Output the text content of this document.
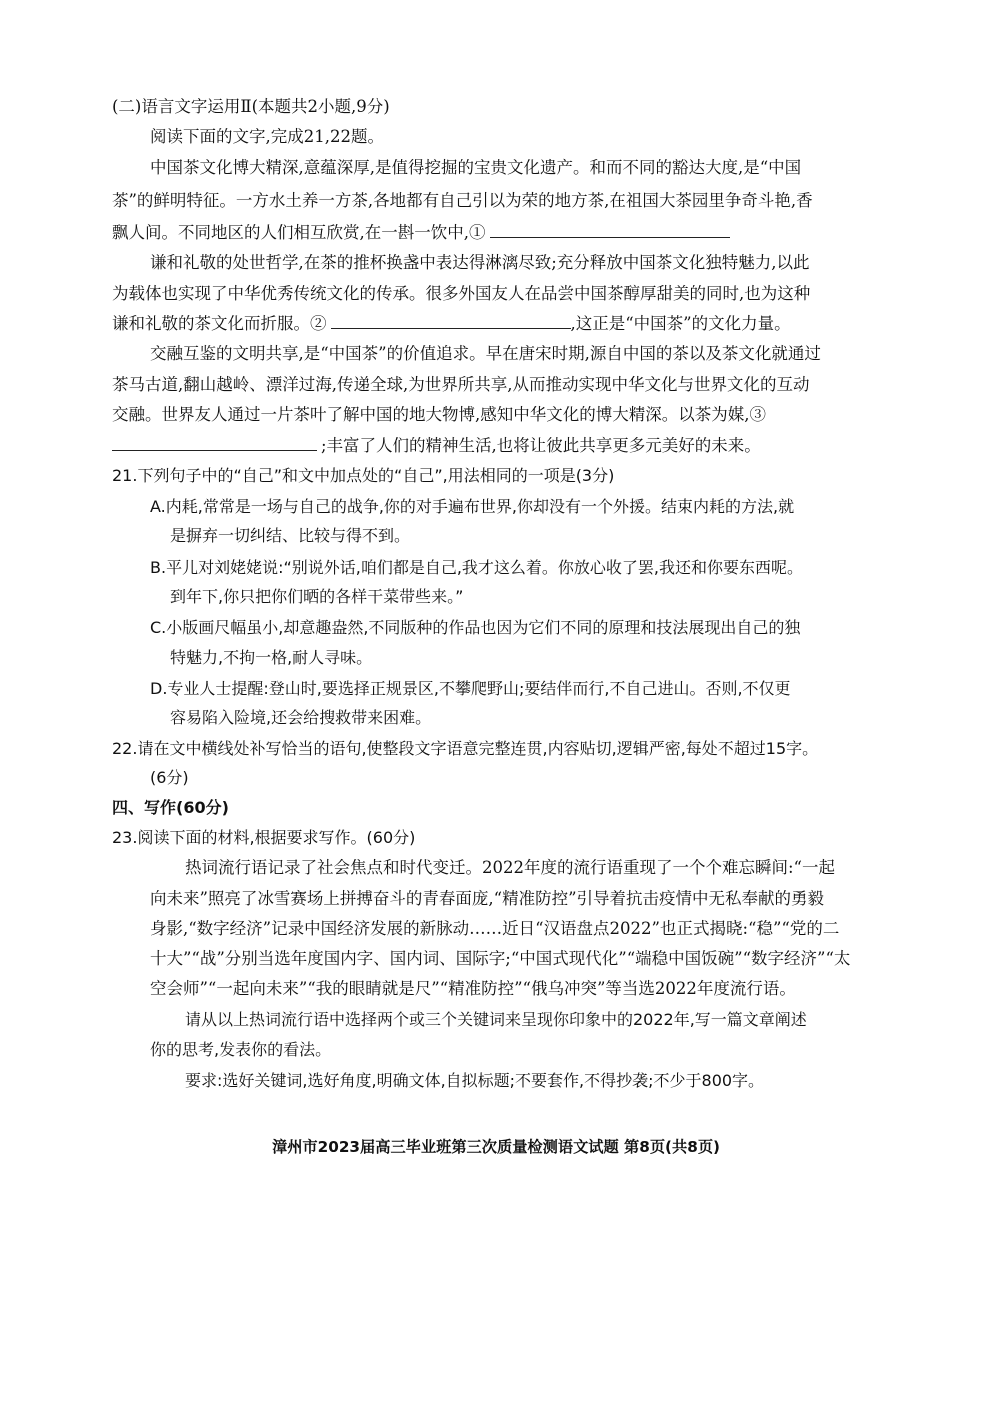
(二)语言文字运用Ⅱ(本题共2小题,9分)
阅读下面的文字,完成21,22题。
中国茶文化博大精深,意蕴深厚,是值得挖掘的宝贵文化遗产。和而不同的豁达大度,是“中国
茶”的鲜明特征。一方水土养一方茶,各地都有自己引以为荣的地方茶,在祖国大茶园里争奇斗艳,香
飘人间。不同地区的人们相互欣赏,在一斟一饮中,①
谦和礼敬的处世哲学,在茶的推杯换盏中表达得淋漓尽致;充分释放中国茶文化独特魅力,以此
为载体也实现了中华优秀传统文化的传承。很多外国友人在品尝中国茶醇厚甜美的同时,也为这种
谦和礼敬的茶文化而折服。②	,这正是“中国茶”的文化力量。
交融互鉴的文明共享,是“中国茶”的价值追求。早在唐宋时期,源自中国的茶以及茶文化就通过
茶马古道,翻山越岭、漂洋过海,传递全球,为世界所共享,从而推动实现中华文化与世界文化的互动
交融。世界友人通过一片茶叶了解中国的地大物博,感知中华文化的博大精深。以茶为媒,③
;丰富了人们的精神生活,也将让彼此共享更多元美好的未来。
21.下列句子中的“自己”和文中加点处的“自己”,用法相同的一项是(3分)
A.内耗,常常是一场与自己的战争,你的对手遍布世界,你却没有一个外援。结束内耗的方法,就
是摒弃一切纠结、比较与得不到。
B.平儿对刘姥姥说:“别说外话,咱们都是自己,我才这么着。你放心收了罢,我还和你要东西呢。
到年下,你只把你们晒的各样干菜带些来。”
C.小版画尺幅虽小,却意趣盎然,不同版种的作品也因为它们不同的原理和技法展现出自己的独
特魅力,不拘一格,耐人寻味。
D.专业人士提醒:登山时,要选择正规景区,不攀爬野山;要结伴而行,不自己进山。否则,不仅更
容易陷入险境,还会给搜救带来困难。
22.请在文中横线处补写恰当的语句,使整段文字语意完整连贯,内容贴切,逻辑严密,每处不超过15字。
(6分)
四、写作(60分)
23.阅读下面的材料,根据要求写作。(60分)
热词流行语记录了社会焦点和时代变迁。2022年度的流行语重现了一个个难忘瞬间:“一起
向未来”照亮了冰雪赛场上拼搏奋斗的青春面庞,“精准防控”引导着抗击疫情中无私奉献的勇毅
身影,“数字经济”记录中国经济发展的新脉动……近日“汉语盘点2022”也正式揭晓:“稳”“党的二
十大”“战”分别当选年度国内字、国内词、国际字;“中国式现代化”“端稳中国饭碗”“数字经济”“太
空会师”“一起向未来”“我的眼睛就是尺”“精准防控”“俄乌冲突”等当选2022年度流行语。
请从以上热词流行语中选择两个或三个关键词来呈现你印象中的2022年,写一篇文章阐述
你的思考,发表你的看法。
要求:选好关键词,选好角度,明确文体,自拟标题;不要套作,不得抄袭;不少于800字。
漳州市2023届高三毕业班第三次质量检测语文试题 第8页(共8页)
